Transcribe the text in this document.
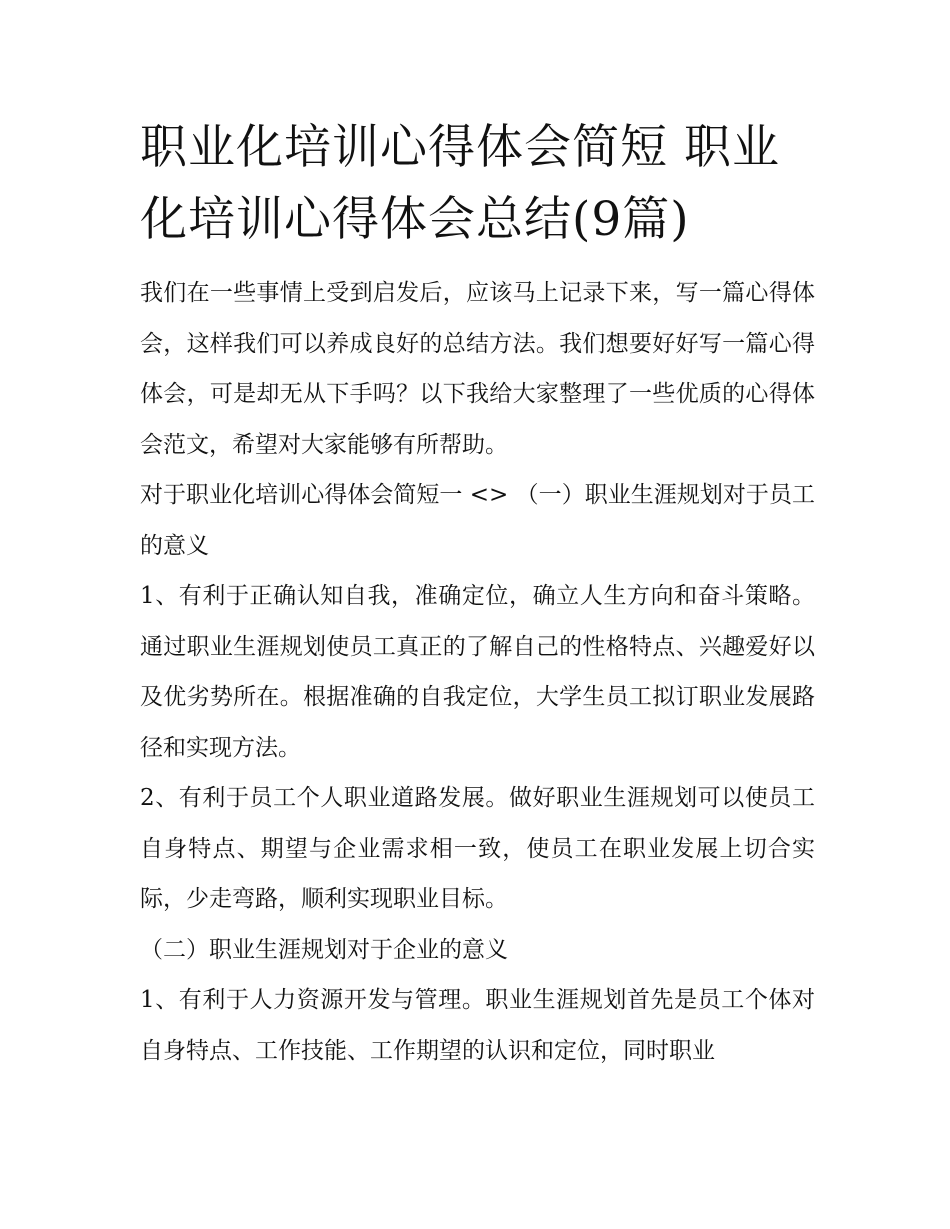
职业化培训心得体会简短 职业化培训心得体会总结(9篇)

我们在一些事情上受到启发后，应该马上记录下来，写一篇心得体会，这样我们可以养成良好的总结方法。我们想要好好写一篇心得体会，可是却无从下手吗？以下我给大家整理了一些优质的心得体会范文，希望对大家能够有所帮助。

对于职业化培训心得体会简短一 <> （一）职业生涯规划对于员工的意义

1、有利于正确认知自我，准确定位，确立人生方向和奋斗策略。通过职业生涯规划使员工真正的了解自己的性格特点、兴趣爱好以及优劣势所在。根据准确的自我定位，大学生员工拟订职业发展路径和实现方法。

2、有利于员工个人职业道路发展。做好职业生涯规划可以使员工自身特点、期望与企业需求相一致，使员工在职业发展上切合实际，少走弯路，顺利实现职业目标。

（二）职业生涯规划对于企业的意义

1、有利于人力资源开发与管理。职业生涯规划首先是员工个体对自身特点、工作技能、工作期望的认识和定位，同时职业
